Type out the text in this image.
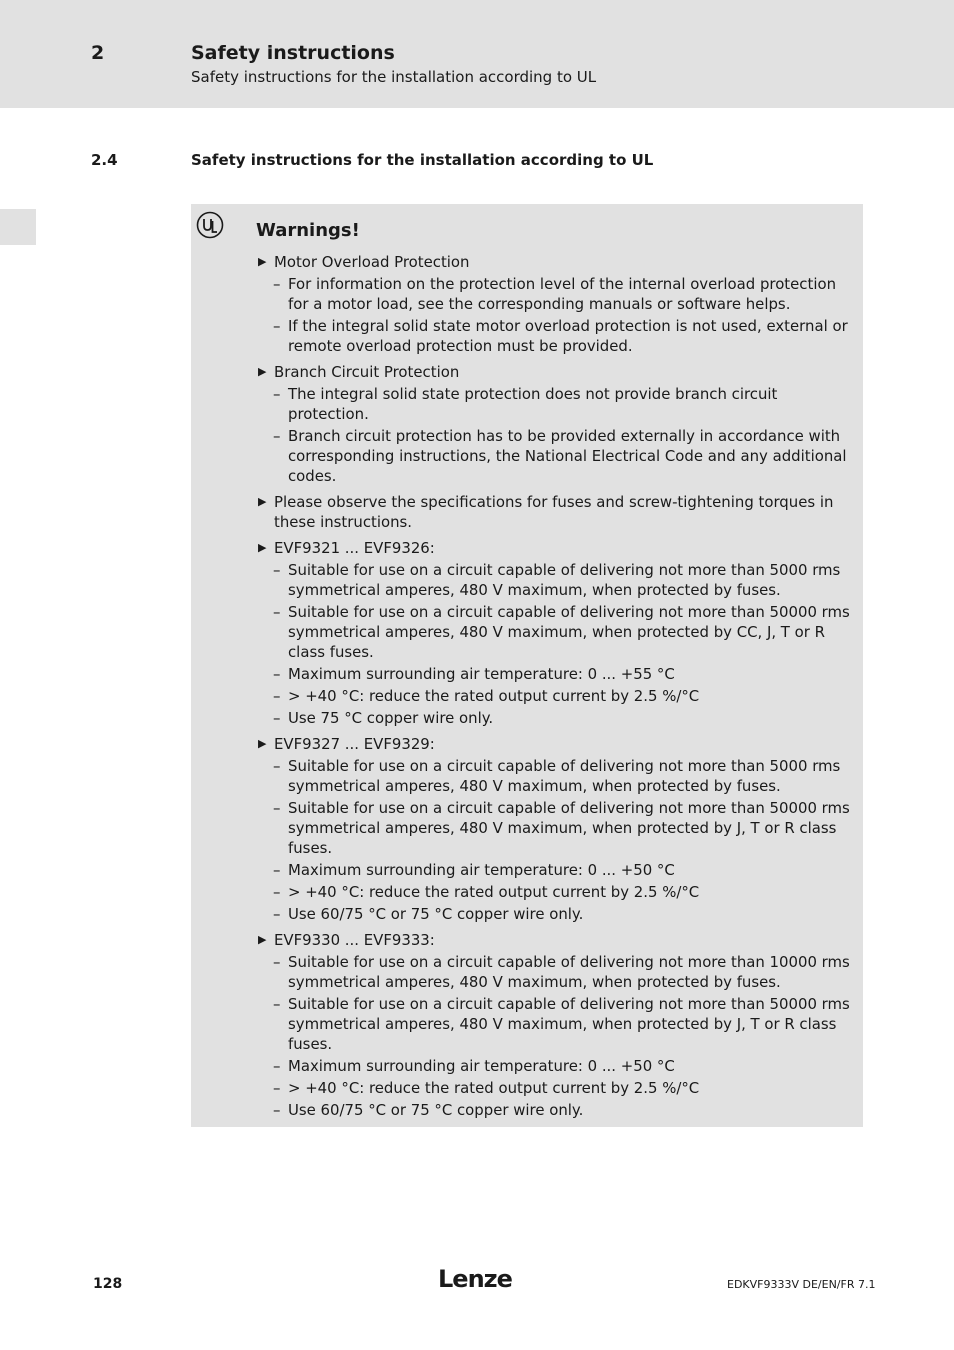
2	Safety instructions
Safety instructions for the installation according to UL
2.4	Safety instructions for the installation according to UL
Warnings!
▶ Motor Overload Protection
– For information on the protection level of the internal overload protection for a motor load, see the corresponding manuals or software helps.
– If the integral solid state motor overload protection is not used, external or remote overload protection must be provided.
▶ Branch Circuit Protection
– The integral solid state protection does not provide branch circuit protection.
– Branch circuit protection has to be provided externally in accordance with corresponding instructions, the National Electrical Code and any additional codes.
▶ Please observe the specifications for fuses and screw-tightening torques in these instructions.
▶ EVF9321 ... EVF9326:
– Suitable for use on a circuit capable of delivering not more than 5000 rms symmetrical amperes, 480 V maximum, when protected by fuses.
– Suitable for use on a circuit capable of delivering not more than 50000 rms symmetrical amperes, 480 V maximum, when protected by CC, J, T or R class fuses.
– Maximum surrounding air temperature: 0 ... +55 °C
– > +40 °C: reduce the rated output current by 2.5 %/°C
– Use 75 °C copper wire only.
▶ EVF9327 ... EVF9329:
– Suitable for use on a circuit capable of delivering not more than 5000 rms symmetrical amperes, 480 V maximum, when protected by fuses.
– Suitable for use on a circuit capable of delivering not more than 50000 rms symmetrical amperes, 480 V maximum, when protected by J, T or R class fuses.
– Maximum surrounding air temperature: 0 ... +50 °C
– > +40 °C: reduce the rated output current by 2.5 %/°C
– Use 60/75 °C or 75 °C copper wire only.
▶ EVF9330 ... EVF9333:
– Suitable for use on a circuit capable of delivering not more than 10000 rms symmetrical amperes, 480 V maximum, when protected by fuses.
– Suitable for use on a circuit capable of delivering not more than 50000 rms symmetrical amperes, 480 V maximum, when protected by J, T or R class fuses.
– Maximum surrounding air temperature: 0 ... +50 °C
– > +40 °C: reduce the rated output current by 2.5 %/°C
– Use 60/75 °C or 75 °C copper wire only.
128	Lenze	EDKVF9333V DE/EN/FR 7.1
